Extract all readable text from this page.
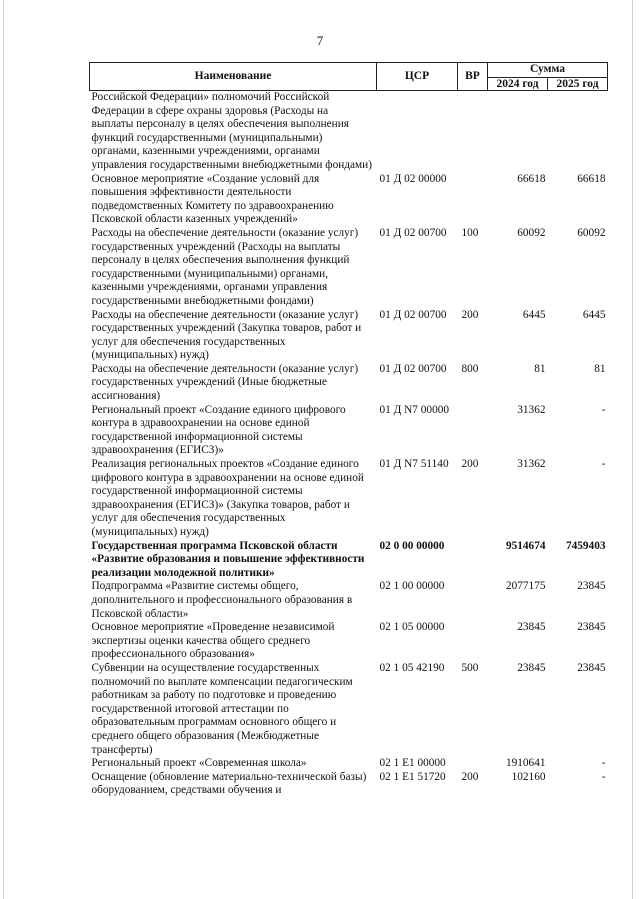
7
Наименование	ЦСР	ВР	Сумма	
			2024 год	2025 год
Российской Федерации» полномочий Российской Федерации в сфере охраны здоровья (Расходы на выплаты персоналу в целях обеспечения выполнения функций государственными (муниципальными) органами, казенными учреждениями, органами управления государственными внебюджетными фондами)				
Основное мероприятие «Создание условий для повышения эффективности деятельности подведомственных Комитету по здравоохранению Псковской области казенных учреждений»	01 Д 02 00000		66618	66618
Расходы на обеспечение деятельности (оказание услуг) государственных учреждений (Расходы на выплаты персоналу в целях обеспечения выполнения функций государственными (муниципальными) органами, казенными учреждениями, органами управления государственными внебюджетными фондами)	01 Д 02 00700	100	60092	60092
Расходы на обеспечение деятельности (оказание услуг) государственных учреждений (Закупка товаров, работ и услуг для обеспечения государственных (муниципальных) нужд)	01 Д 02 00700	200	6445	6445
Расходы на обеспечение деятельности (оказание услуг) государственных учреждений (Иные бюджетные ассигнования)	01 Д 02 00700	800	81	81
Региональный проект «Создание единого цифрового контура в здравоохранении на основе единой государственной информационной системы здравоохранения (ЕГИСЗ)»	01 Д N7 00000		31362	-
Реализация региональных проектов «Создание единого цифрового контура в здравоохранении на основе единой государственной информационной системы здравоохранения (ЕГИСЗ)» (Закупка товаров, работ и услуг для обеспечения государственных (муниципальных) нужд)	01 Д N7 51140	200	31362	-
Государственная программа Псковской области «Развитие образования и повышение эффективности реализации молодежной политики»	02 0 00 00000		9514674	7459403
Подпрограмма «Развитие системы общего, дополнительного и профессионального образования в Псковской области»	02 1 00 00000		2077175	23845
Основное мероприятие «Проведение независимой экспертизы оценки качества общего среднего профессионального образования»	02 1 05 00000		23845	23845
Субвенции на осуществление государственных полномочий по выплате компенсации педагогическим работникам за работу по подготовке и проведению государственной итоговой аттестации по образовательным программам основного общего и среднего общего образования (Межбюджетные трансферты)	02 1 05 42190	500	23845	23845
Региональный проект «Современная школа»	02 1 E1 00000		1910641	-
Оснащение (обновление материально-технической базы) оборудованием, средствами обучения и	02 1 E1 51720	200	102160	-
